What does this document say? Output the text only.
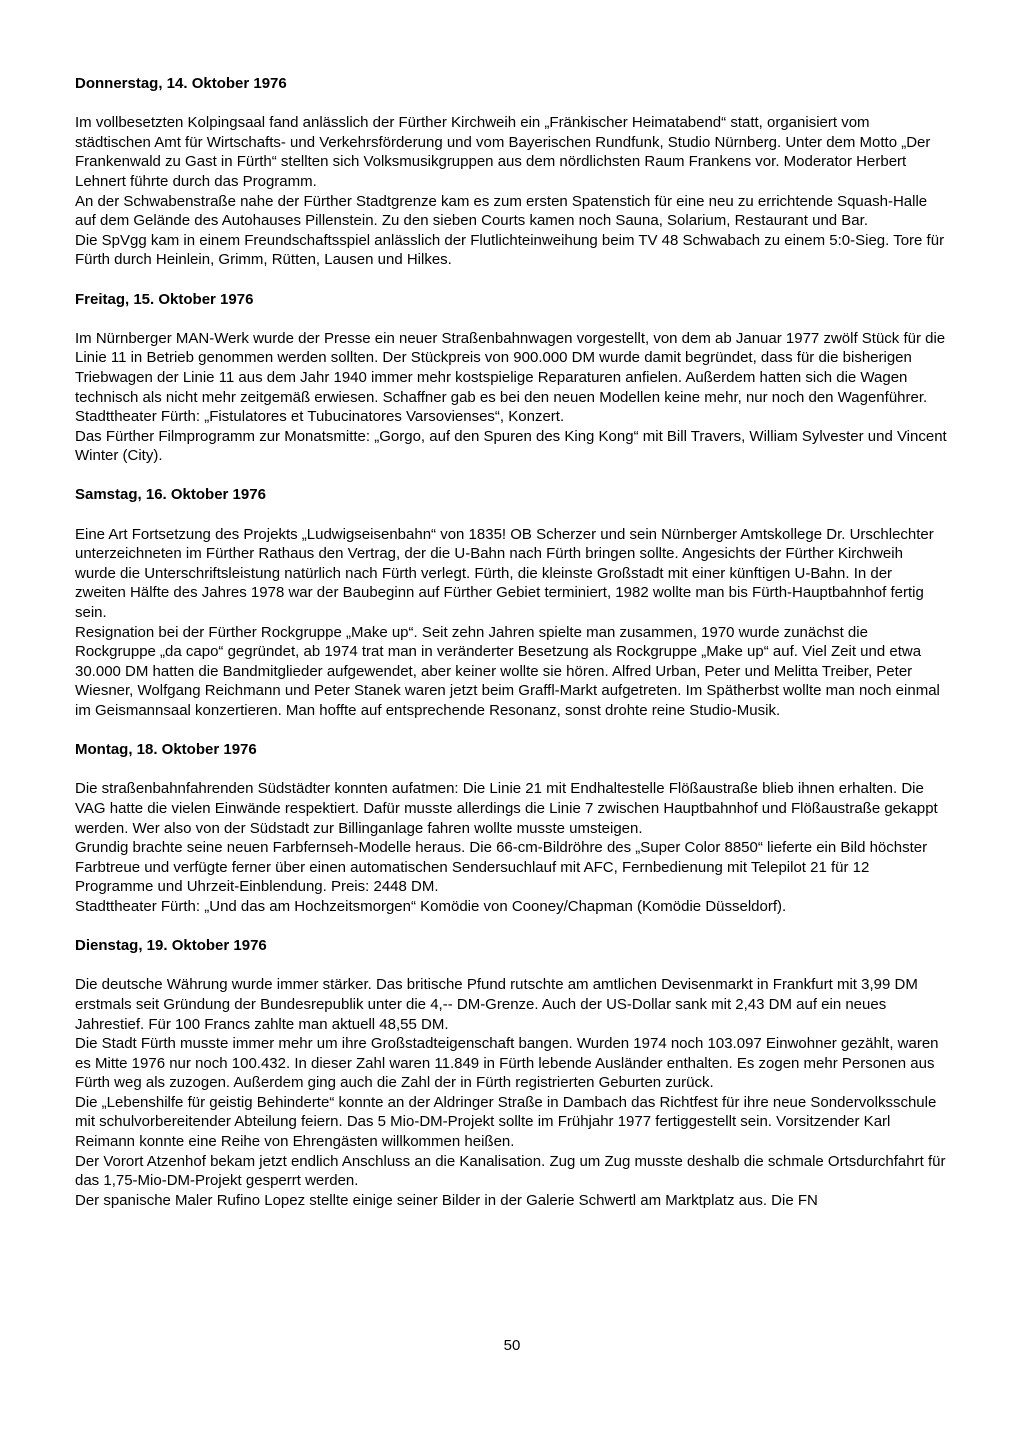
Donnerstag, 14. Oktober 1976

Im vollbesetzten Kolpingsaal fand anlässlich der Fürther Kirchweih ein „Fränkischer Heimatabend“ statt, organisiert vom städtischen Amt für Wirtschafts- und Verkehrsförderung und vom Bayerischen Rundfunk, Studio Nürnberg. Unter dem Motto „Der Frankenwald zu Gast in Fürth“ stellten sich Volksmusikgruppen aus dem nördlichsten Raum Frankens vor. Moderator Herbert Lehnert führte durch das Programm.

An der Schwabenstraße nahe der Fürther Stadtgrenze kam es zum ersten Spatenstich für eine neu zu errichtende Squash-Halle auf dem Gelände des Autohauses Pillenstein. Zu den sieben Courts kamen noch Sauna, Solarium, Restaurant und Bar.

Die SpVgg kam in einem Freundschaftsspiel anlässlich der Flutlichteinweihung beim TV 48 Schwabach zu einem 5:0-Sieg. Tore für Fürth durch Heinlein, Grimm, Rütten, Lausen und Hilkes.

Freitag, 15. Oktober 1976

Im Nürnberger MAN-Werk wurde der Presse ein neuer Straßenbahnwagen vorgestellt, von dem ab Januar 1977 zwölf Stück für die Linie 11 in Betrieb genommen werden sollten. Der Stückpreis von 900.000 DM wurde damit begründet, dass für die bisherigen Triebwagen der Linie 11 aus dem Jahr 1940 immer mehr kostspielige Reparaturen anfielen. Außerdem hatten sich die Wagen technisch als nicht mehr zeitgemäß erwiesen. Schaffner gab es bei den neuen Modellen keine mehr, nur noch den Wagenführer.

Stadttheater Fürth: „Fistulatores et Tubucinatores Varsovienses“, Konzert.

Das Fürther Filmprogramm zur Monatsmitte: „Gorgo, auf den Spuren des King Kong“ mit Bill Travers, William Sylvester und Vincent Winter (City).

Samstag, 16. Oktober 1976

Eine Art Fortsetzung des Projekts „Ludwigseisenbahn“ von 1835! OB Scherzer und sein Nürnberger Amtskollege Dr. Urschlechter unterzeichneten im Fürther Rathaus den Vertrag, der die U-Bahn nach Fürth bringen sollte. Angesichts der Fürther Kirchweih wurde die Unterschriftsleistung natürlich nach Fürth verlegt. Fürth, die kleinste Großstadt mit einer künftigen U-Bahn. In der zweiten Hälfte des Jahres 1978 war der Baubeginn auf Fürther Gebiet terminiert, 1982 wollte man bis Fürth-Hauptbahnhof fertig sein.

Resignation bei der Fürther Rockgruppe „Make up“. Seit zehn Jahren spielte man zusammen, 1970 wurde zunächst die Rockgruppe „da capo“ gegründet, ab 1974 trat man in veränderter Besetzung als Rockgruppe „Make up“ auf. Viel Zeit und etwa 30.000 DM hatten die Bandmitglieder aufgewendet, aber keiner wollte sie hören. Alfred Urban, Peter und Melitta Treiber, Peter Wiesner, Wolfgang Reichmann und Peter Stanek waren jetzt beim Graffl-Markt aufgetreten. Im Spätherbst wollte man noch einmal im Geismannsaal konzertieren. Man hoffte auf entsprechende Resonanz, sonst drohte reine Studio-Musik.

Montag, 18. Oktober 1976

Die straßenbahnfahrenden Südstädter konnten aufatmen: Die Linie 21 mit Endhaltestelle Flößaustraße blieb ihnen erhalten. Die VAG hatte die vielen Einwände respektiert. Dafür musste allerdings die Linie 7 zwischen Hauptbahnhof und Flößaustraße gekappt werden. Wer also von der Südstadt zur Billinganlage fahren wollte musste umsteigen.

Grundig brachte seine neuen Farbfernseh-Modelle heraus. Die 66-cm-Bildröhre des „Super Color 8850“ lieferte ein Bild höchster Farbtreue und verfügte ferner über einen automatischen Sendersuchlauf mit AFC, Fernbedienung mit Telepilot 21 für 12 Programme und Uhrzeit-Einblendung. Preis: 2448 DM.

Stadttheater Fürth: „Und das am Hochzeitsmorgen“ Komödie von Cooney/Chapman (Komödie Düsseldorf).

Dienstag, 19. Oktober 1976

Die deutsche Währung wurde immer stärker. Das britische Pfund rutschte am amtlichen Devisenmarkt in Frankfurt mit 3,99 DM erstmals seit Gründung der Bundesrepublik unter die 4,-- DM-Grenze. Auch der US-Dollar sank mit 2,43 DM auf ein neues Jahrestief. Für 100 Francs zahlte man aktuell 48,55 DM.

Die Stadt Fürth musste immer mehr um ihre Großstadteigenschaft bangen. Wurden 1974 noch 103.097 Einwohner gezählt, waren es Mitte 1976 nur noch 100.432. In dieser Zahl waren 11.849 in Fürth lebende Ausländer enthalten. Es zogen mehr Personen aus Fürth weg als zuzogen. Außerdem ging auch die Zahl der in Fürth registrierten Geburten zurück.

Die „Lebenshilfe für geistig Behinderte“ konnte an der Aldringer Straße in Dambach das Richtfest für ihre neue Sondervolksschule mit schulvorbereitender Abteilung feiern. Das 5 Mio-DM-Projekt sollte im Frühjahr 1977 fertiggestellt sein. Vorsitzender Karl Reimann konnte eine Reihe von Ehrengästen willkommen heißen.

Der Vorort Atzenhof bekam jetzt endlich Anschluss an die Kanalisation. Zug um Zug musste deshalb die schmale Ortsdurchfahrt für das 1,75-Mio-DM-Projekt gesperrt werden.

Der spanische Maler Rufino Lopez stellte einige seiner Bilder in der Galerie Schwertl am Marktplatz aus. Die FN

50
